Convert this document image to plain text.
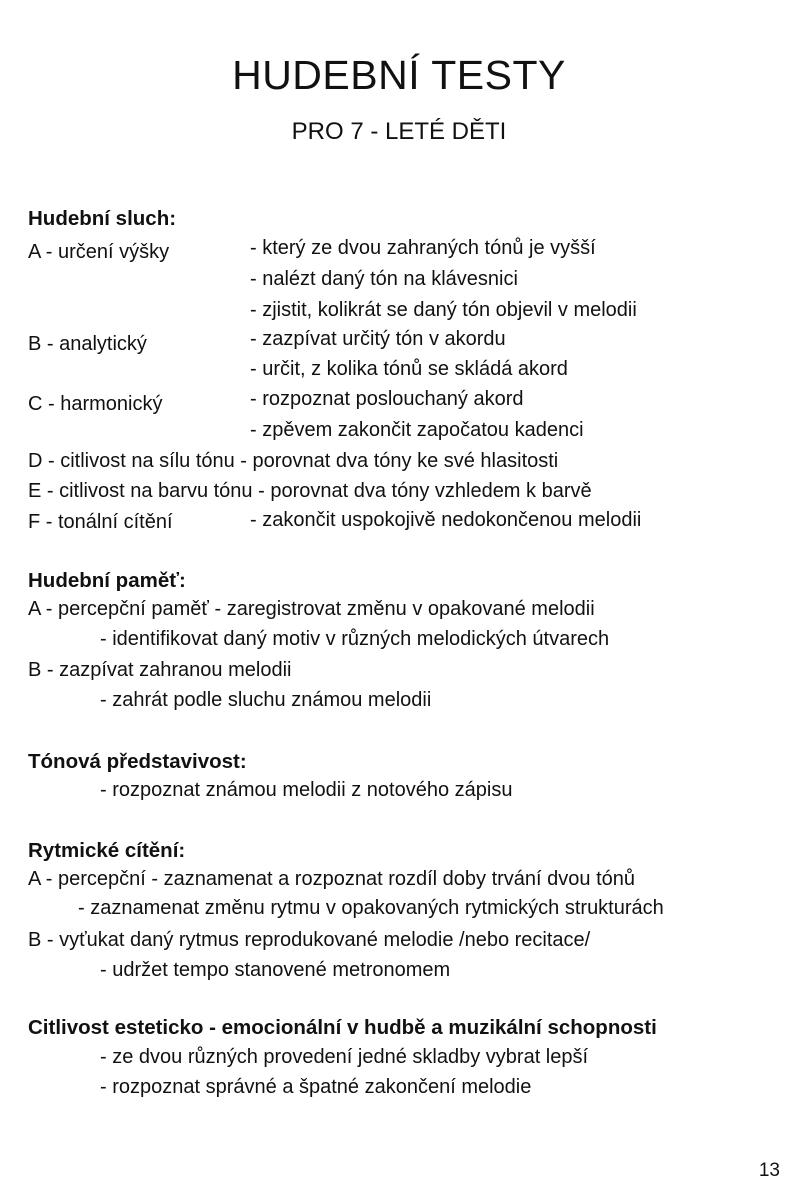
HUDEBNÍ TESTY
PRO 7 - LETÉ DĚTI
Hudební sluch:
A - určení výšky	- který ze dvou zahraných tónů je vyšší
- nalézt daný tón na klávesnici
- zjistit, kolikrát se daný tón objevil v melodii
B - analytický	- zazpívat určitý tón v akordu
- určit, z kolika tónů se skládá akord
C - harmonický	- rozpoznat poslouchaný akord
- zpěvem zakončit započatou kadenci
D - citlivost na sílu tónu - porovnat dva tóny ke své hlasitosti
E - citlivost na barvu tónu - porovnat dva tóny vzhledem k barvě
F - tonální cítění	- zakončit uspokojivě nedokončenou melodii
Hudební paměť:
A - percepční paměť - zaregistrovat změnu v opakované melodii
- identifikovat daný motiv v různých melodických útvarech
B - zazpívat zahranou melodii
- zahrát podle sluchu známou melodii
Tónová představivost:
- rozpoznat známou melodii z notového zápisu
Rytmické cítění:
A - percepční - zaznamenat a rozpoznat rozdíl doby trvání dvou tónů
- zaznamenat změnu rytmu v opakovaných rytmických strukturách
B - vyťukat daný rytmus reprodukované melodie /nebo recitace/
- udržet tempo stanovené metronomem
Citlivost esteticko - emocionální v hudbě a muzikální schopnosti
- ze dvou různých provedení jedné skladby vybrat lepší
- rozpoznat správné a špatné zakončení melodie
13
